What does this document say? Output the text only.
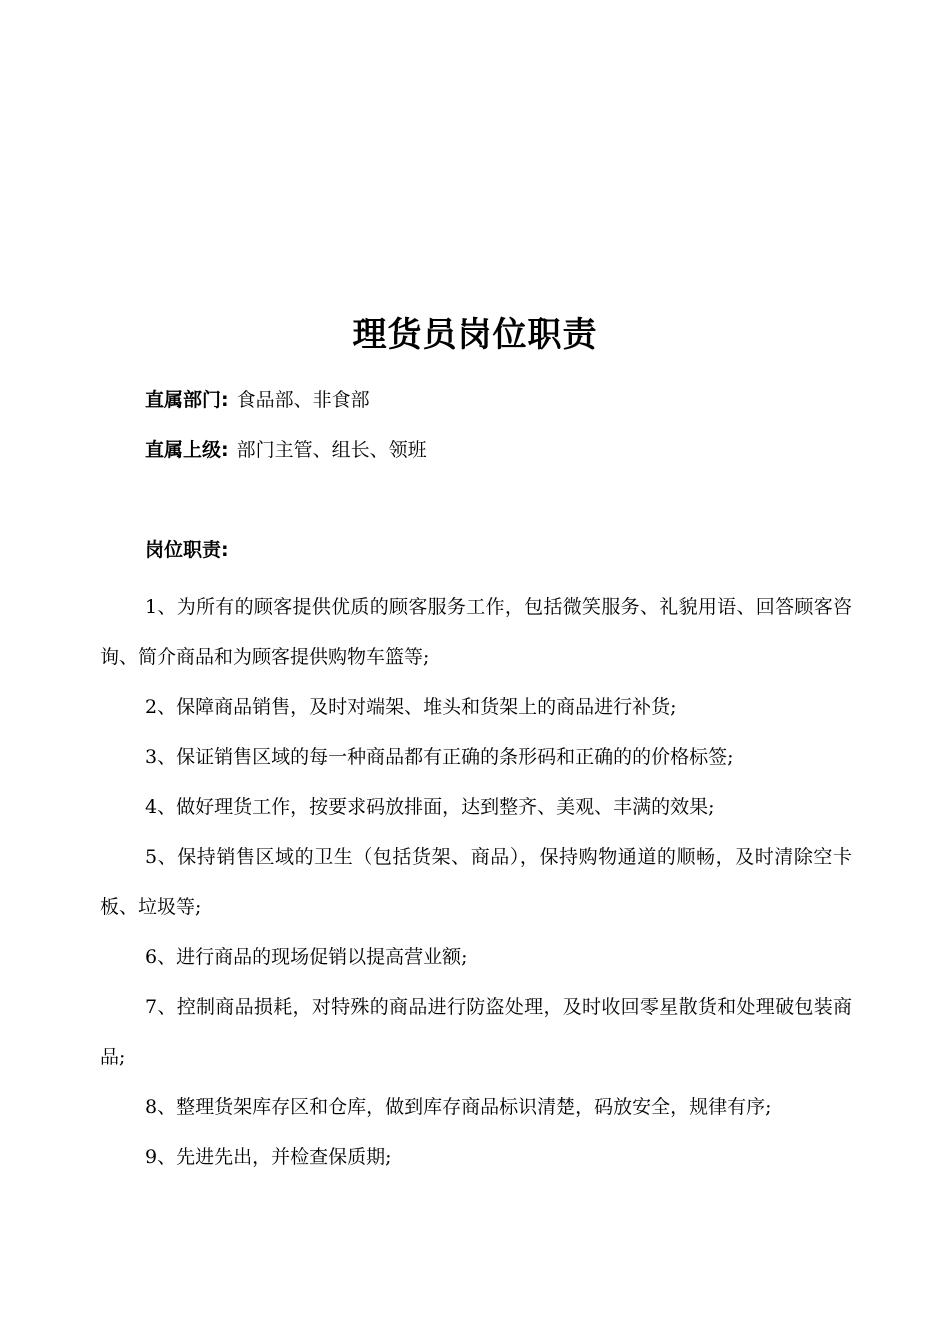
理货员岗位职责
直属部门: 食品部、非食部
直属上级: 部门主管、组长、领班
岗位职责:
1、为所有的顾客提供优质的顾客服务工作，包括微笑服务、礼貌用语、回答顾客咨询、简介商品和为顾客提供购物车篮等;
2、保障商品销售，及时对端架、堆头和货架上的商品进行补货;
3、保证销售区域的每一种商品都有正确的条形码和正确的的价格标签;
4、做好理货工作，按要求码放排面，达到整齐、美观、丰满的效果;
5、保持销售区域的卫生（包括货架、商品），保持购物通道的顺畅，及时清除空卡板、垃圾等;
6、进行商品的现场促销以提高营业额;
7、控制商品损耗，对特殊的商品进行防盗处理，及时收回零星散货和处理破包装商品;
8、整理货架库存区和仓库，做到库存商品标识清楚，码放安全，规律有序;
9、先进先出，并检查保质期;
